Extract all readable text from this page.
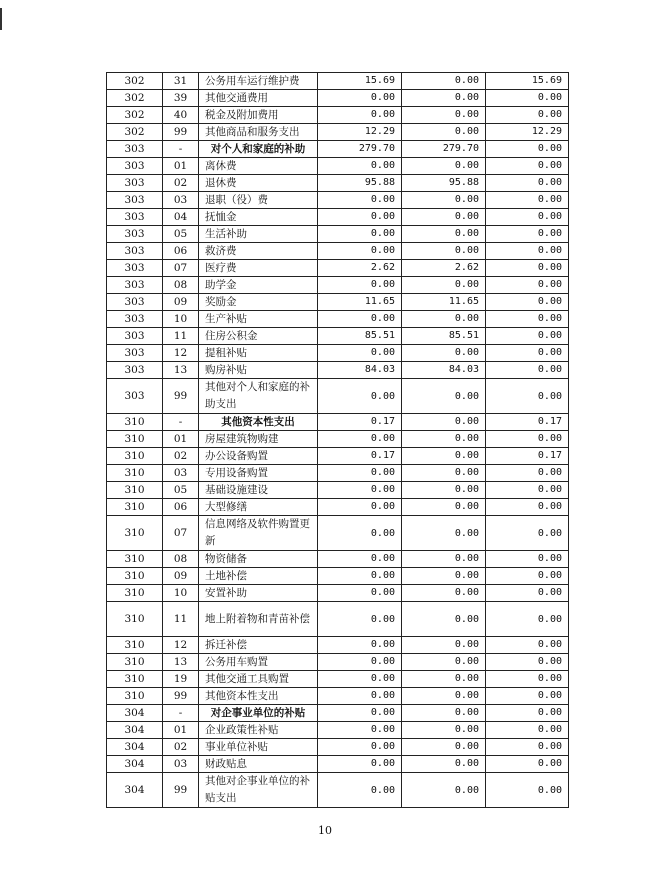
302	31	公务用车运行维护费	15.69	0.00	15.69
302	39	其他交通费用	0.00	0.00	0.00
302	40	税金及附加费用	0.00	0.00	0.00
302	99	其他商品和服务支出	12.29	0.00	12.29
303	-	对个人和家庭的补助	279.70	279.70	0.00
303	01	离休费	0.00	0.00	0.00
303	02	退休费	95.88	95.88	0.00
303	03	退职（役）费	0.00	0.00	0.00
303	04	抚恤金	0.00	0.00	0.00
303	05	生活补助	0.00	0.00	0.00
303	06	救济费	0.00	0.00	0.00
303	07	医疗费	2.62	2.62	0.00
303	08	助学金	0.00	0.00	0.00
303	09	奖励金	11.65	11.65	0.00
303	10	生产补贴	0.00	0.00	0.00
303	11	住房公积金	85.51	85.51	0.00
303	12	提租补贴	0.00	0.00	0.00
303	13	购房补贴	84.03	84.03	0.00
303	99	其他对个人和家庭的补助支出	0.00	0.00	0.00
310	-	其他资本性支出	0.17	0.00	0.17
310	01	房屋建筑物购建	0.00	0.00	0.00
310	02	办公设备购置	0.17	0.00	0.17
310	03	专用设备购置	0.00	0.00	0.00
310	05	基础设施建设	0.00	0.00	0.00
310	06	大型修缮	0.00	0.00	0.00
310	07	信息网络及软件购置更新	0.00	0.00	0.00
310	08	物资储备	0.00	0.00	0.00
310	09	土地补偿	0.00	0.00	0.00
310	10	安置补助	0.00	0.00	0.00
310	11	地上附着物和青苗补偿	0.00	0.00	0.00
310	12	拆迁补偿	0.00	0.00	0.00
310	13	公务用车购置	0.00	0.00	0.00
310	19	其他交通工具购置	0.00	0.00	0.00
310	99	其他资本性支出	0.00	0.00	0.00
304	-	对企事业单位的补贴	0.00	0.00	0.00
304	01	企业政策性补贴	0.00	0.00	0.00
304	02	事业单位补贴	0.00	0.00	0.00
304	03	财政贴息	0.00	0.00	0.00
304	99	其他对企事业单位的补贴支出	0.00	0.00	0.00
10
